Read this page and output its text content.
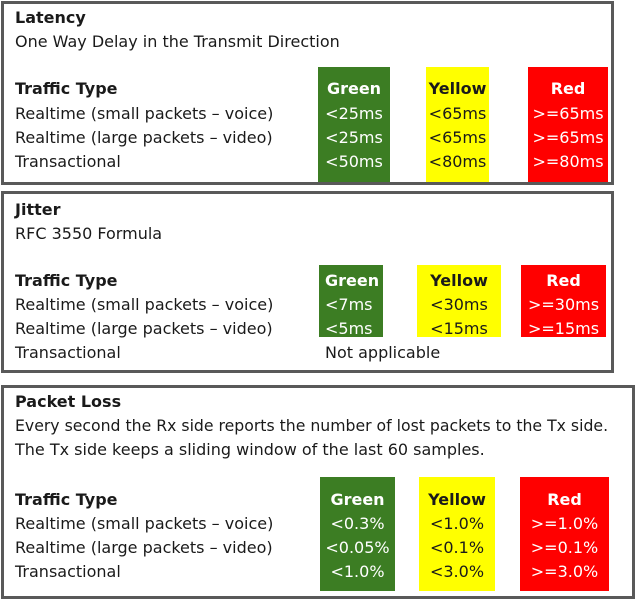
Latency
One Way Delay in the Transmit Direction
Green
<25ms
<25ms
<50ms
Yellow
<65ms
<65ms
<80ms
Red
>=65ms
>=65ms
>=80ms
Traffic Type
Realtime (small packets – voice)
Realtime (large packets – video)
Transactional
Jitter
RFC 3550 Formula
Green
<7ms
<5ms
Yellow
<30ms
<15ms
Red
>=30ms
>=15ms
Traffic Type
Realtime (small packets – voice)
Realtime (large packets – video)
Transactional	Not applicable
Packet Loss
Every second the Rx side reports the number of lost packets to the Tx side.
The Tx side keeps a sliding window of the last 60 samples.
Green
<0.3%
<0.05%
<1.0%
Yellow
<1.0%
<0.1%
<3.0%
Red
>=1.0%
>=0.1%
>=3.0%
Traffic Type
Realtime (small packets – voice)
Realtime (large packets – video)
Transactional
